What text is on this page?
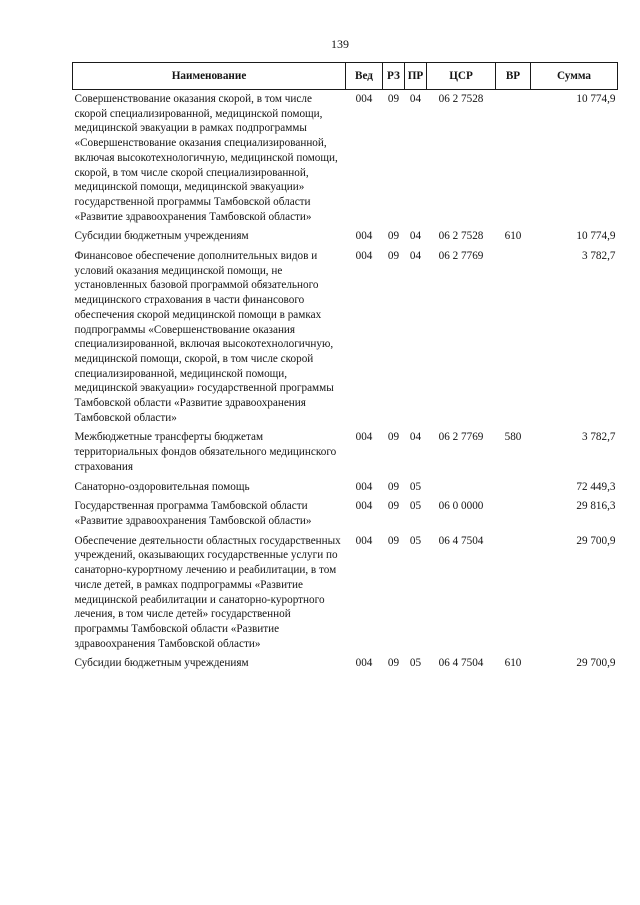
139
Наименование	Вед	РЗ	ПР	ЦСР	ВР	Сумма
Совершенствование оказания скорой, в том числе скорой специализированной, медицинской помощи, медицинской эвакуации в рамках подпрограммы «Совершенствование оказания специализированной, включая высокотехнологичную, медицинской помощи, скорой, в том числе скорой специализированной, медицинской помощи, медицинской эвакуации» государственной программы Тамбовской области «Развитие здравоохранения Тамбовской области»	004	09	04	06 2 7528		10 774,9
Субсидии бюджетным учреждениям	004	09	04	06 2 7528	610	10 774,9
Финансовое обеспечение дополнительных видов и условий оказания медицинской помощи, не установленных базовой программой обязательного медицинского страхования в части финансового обеспечения скорой медицинской помощи в рамках подпрограммы «Совершенствование оказания специализированной, включая высокотехнологичную, медицинской помощи, скорой, в том числе скорой специализированной, медицинской помощи, медицинской эвакуации» государственной программы Тамбовской области «Развитие здравоохранения Тамбовской области»	004	09	04	06 2 7769		3 782,7
Межбюджетные трансферты бюджетам территориальных фондов обязательного медицинского страхования	004	09	04	06 2 7769	580	3 782,7
Санаторно-оздоровительная помощь	004	09	05			72 449,3
Государственная программа Тамбовской области «Развитие здравоохранения Тамбовской области»	004	09	05	06 0 0000		29 816,3
Обеспечение деятельности областных государственных учреждений, оказывающих государственные услуги по санаторно-курортному лечению и реабилитации, в том числе детей, в рамках подпрограммы «Развитие медицинской реабилитации и санаторно-курортного лечения, в том числе детей» государственной программы Тамбовской области «Развитие здравоохранения Тамбовской области»	004	09	05	06 4 7504		29 700,9
Субсидии бюджетным учреждениям	004	09	05	06 4 7504	610	29 700,9
